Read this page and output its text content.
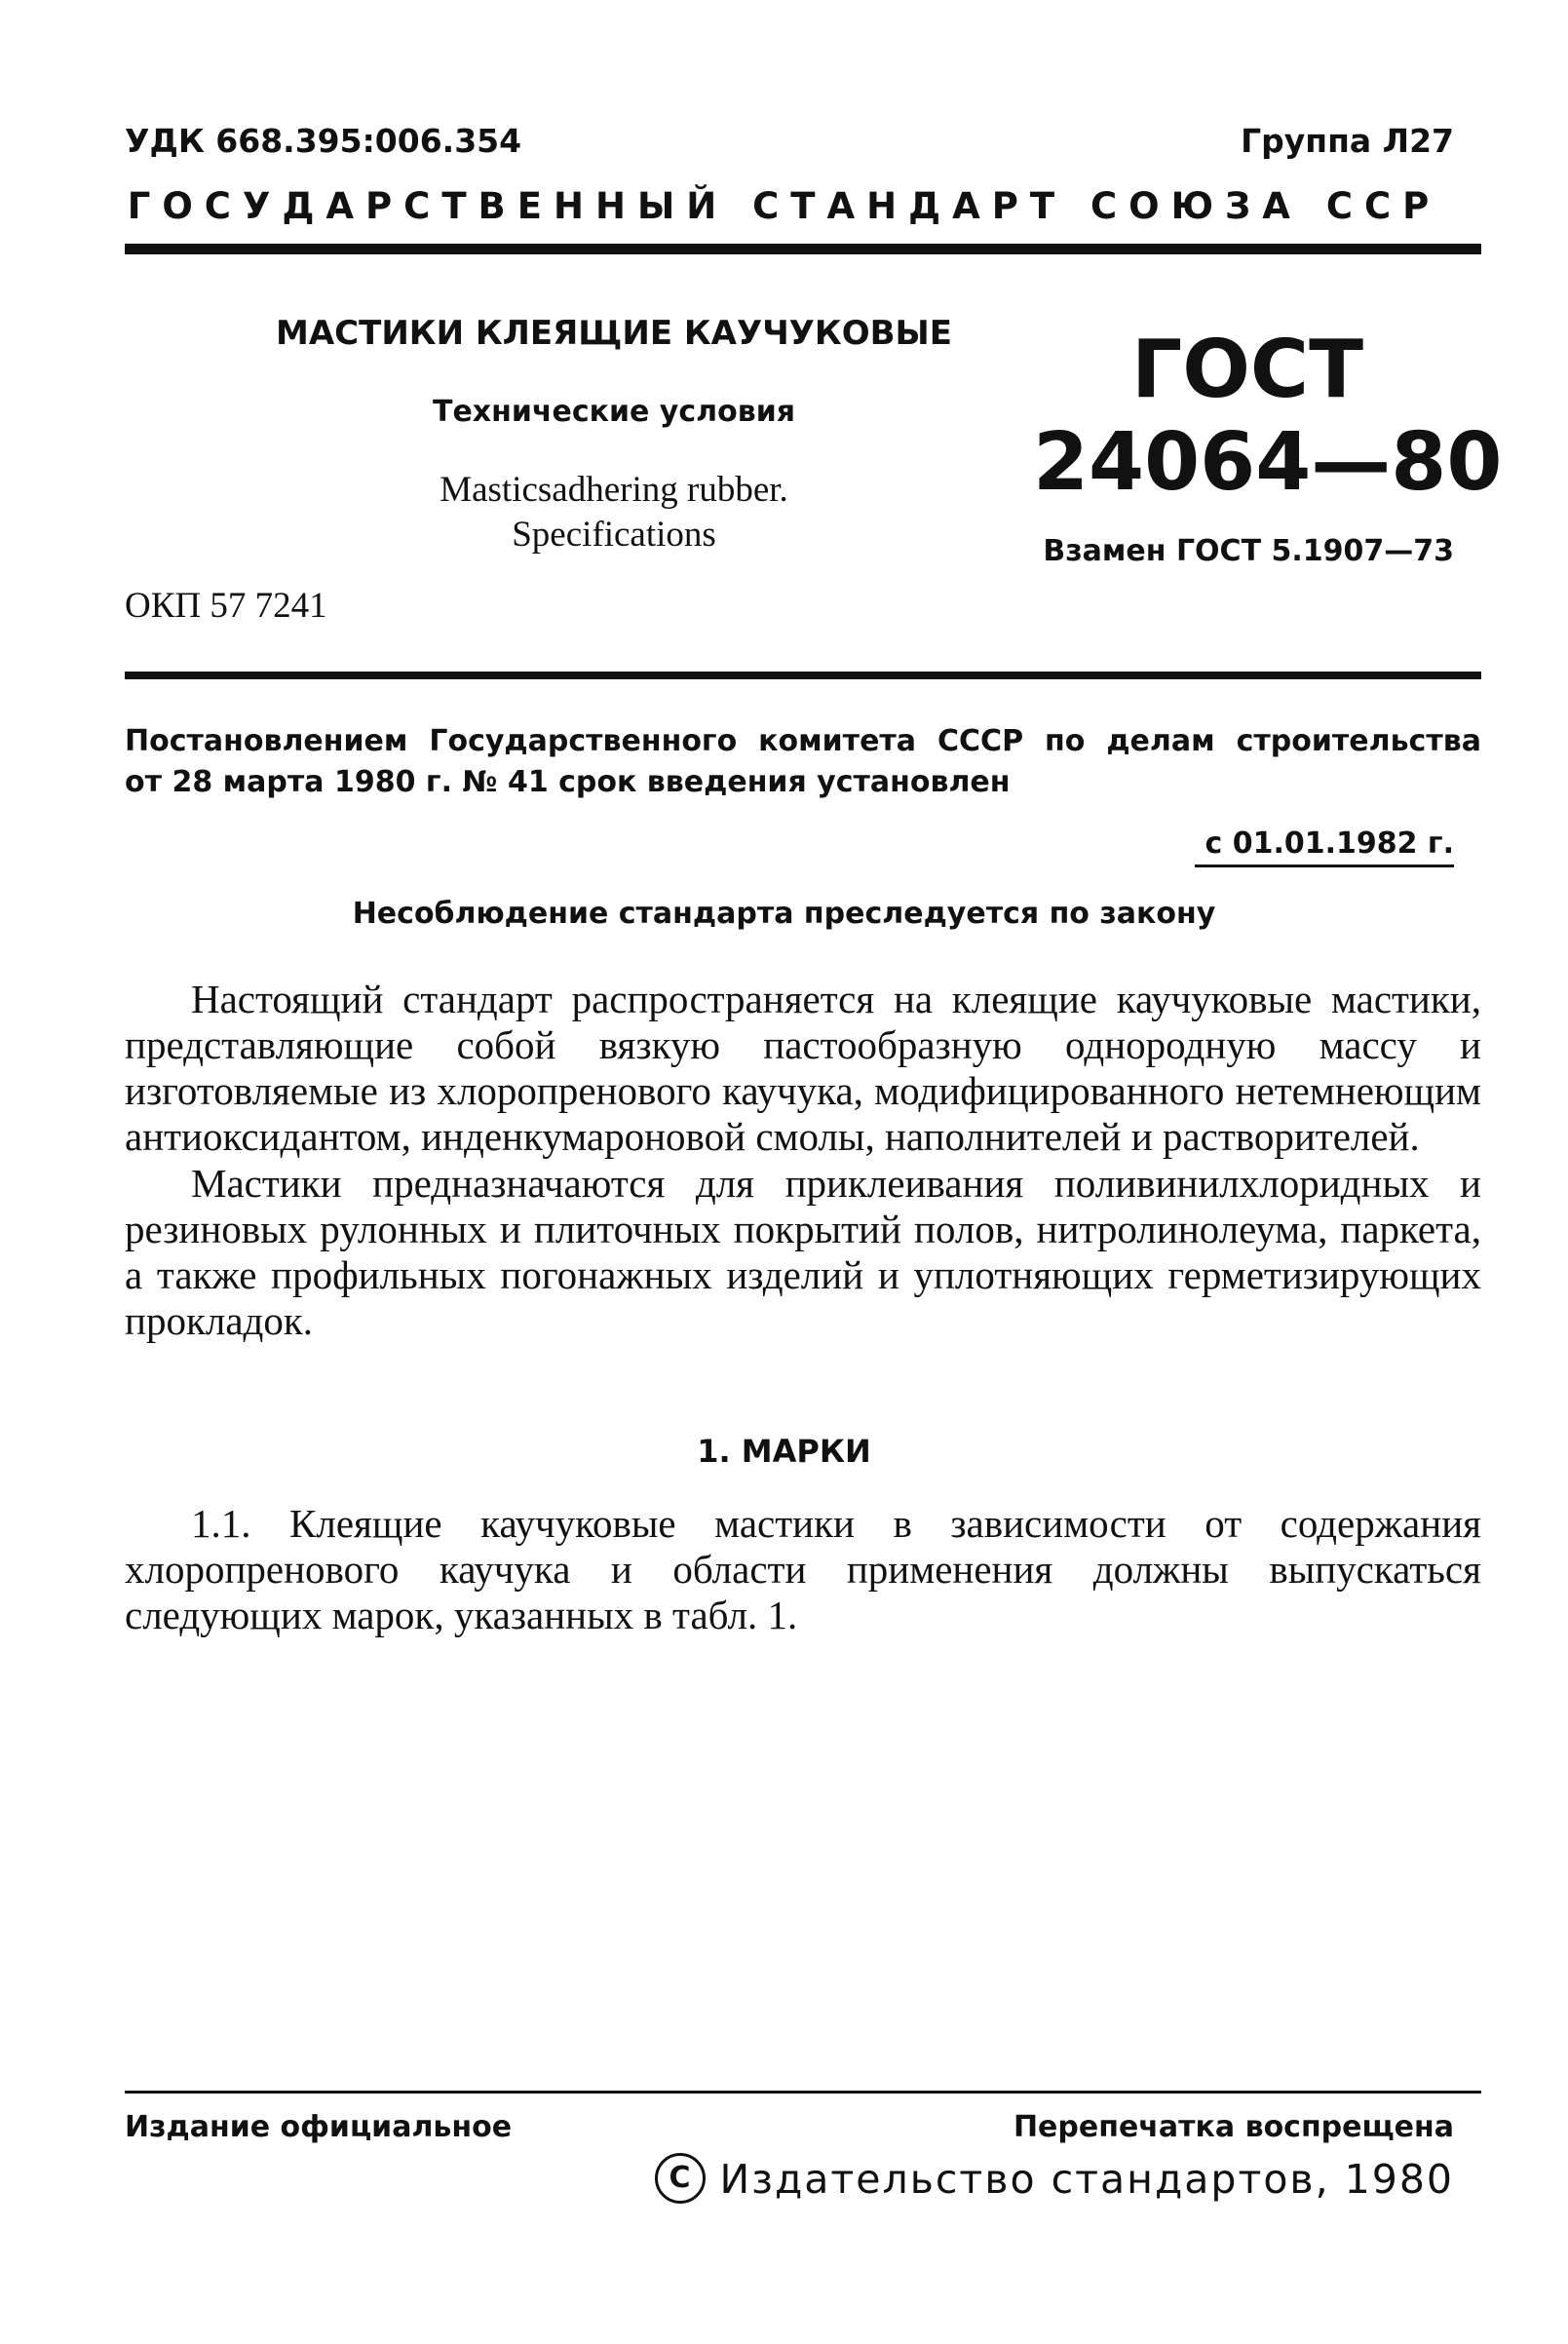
УДК 668.395:006.354	Группа Л27
ГОСУДАРСТВЕННЫЙ СТАНДАРТ СОЮЗА ССР
МАСТИКИ КЛЕЯЩИЕ КАУЧУКОВЫЕ
Технические условия
Masticsadhering rubber.
Specifications
ОКП 57 7241
ГОСТ
24064—80
Взамен ГОСТ 5.1907—73
Постановлением Государственного комитета СССР по делам строительства
от 28 марта 1980 г. № 41 срок введения установлен
с 01.01.1982 г.
Несоблюдение стандарта преследуется по закону

Настоящий стандарт распространяется на клеящие каучуковые мастики, представляющие собой вязкую пастообразную однородную массу и изготовляемые из хлоропренового каучука, модифицированного нетемнеющим антиоксидантом, инденкумароновой смолы, наполнителей и растворителей.

Мастики предназначаются для приклеивания поливинилхлоридных и резиновых рулонных и плиточных покрытий полов, нитролинолеума, паркета, а также профильных погонажных изделий и уплотняющих герметизирующих прокладок.

1. МАРКИ

1.1. Клеящие каучуковые мастики в зависимости от содержания хлоропренового каучука и области применения должны выпускаться следующих марок, указанных в табл. 1.

Издание официальное	Перепечатка воспрещена
C Издательство стандартов, 1980
